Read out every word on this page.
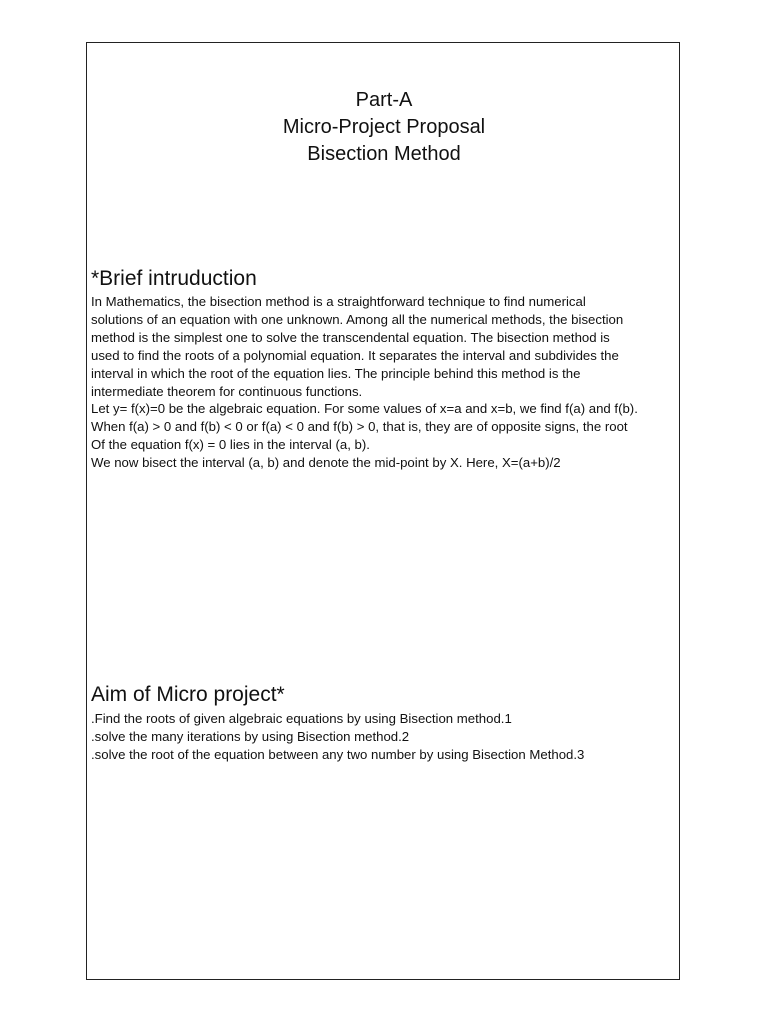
Part-A

Micro-Project Proposal

Bisection Method

*Brief intruduction
In Mathematics, the bisection method is a straightforward technique to find numerical
solutions of an equation with one unknown. Among all the numerical methods, the bisection
method is the simplest one to solve the transcendental equation. The bisection method is
used to find the roots of a polynomial equation. It separates the interval and subdivides the
interval in which the root of the equation lies. The principle behind this method is the
intermediate theorem for continuous functions.
Let y= f(x)=0 be the algebraic equation. For some values of x=a and x=b, we find f(a) and f(b).
When f(a) > 0 and f(b) < 0 or f(a) < 0 and f(b) > 0, that is, they are of opposite signs, the root
Of the equation f(x) = 0 lies in the interval (a, b).
We now bisect the interval (a, b) and denote the mid-point by X. Here, X=(a+b)/2
Aim of Micro project*
.Find the roots of given algebraic equations by using Bisection method.1
.solve the many iterations by using Bisection method.2
.solve the root of the equation between any two number by using Bisection Method.3
